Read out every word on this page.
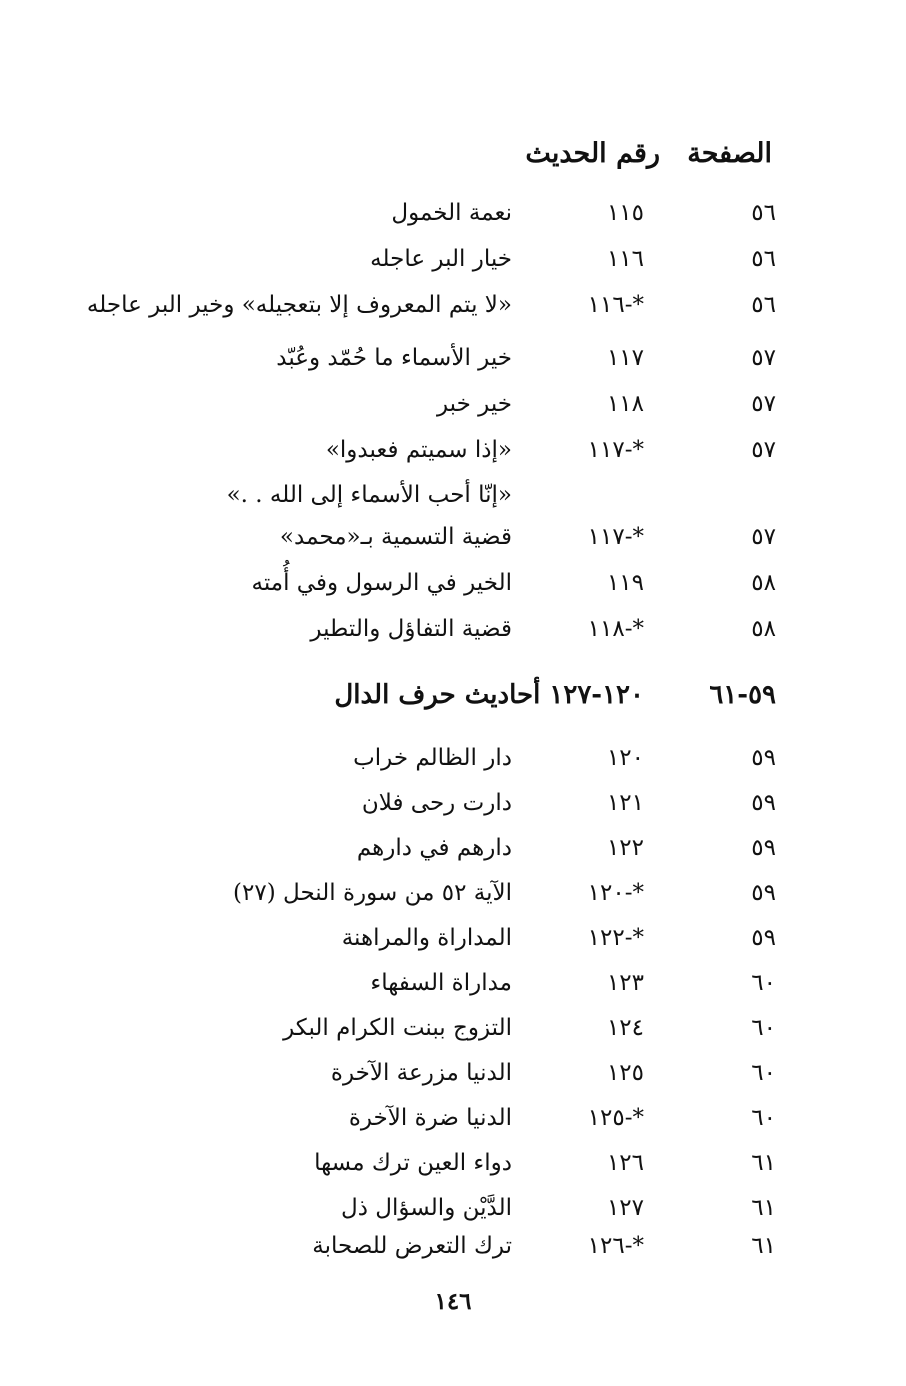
الصفحة
رقم الحديث
٥٦
١١٥
نعمة الخمول
٥٦
١١٦
خيار البر عاجله
٥٦
*-١١٦
«لا يتم المعروف إلا بتعجيله» وخير البر عاجله
٥٧
١١٧
خير الأسماء ما حُمّد وعُبّد
٥٧
١١٨
خير خبر
٥٧
*-١١٧
«إذا سميتم فعبدوا»
«إنّا أحب الأسماء إلى الله . .»
٥٧
*-١١٧
قضية التسمية بـ«محمد»
٥٨
١١٩
الخير في الرسول وفي أُمته
٥٨
*-١١٨
قضية التفاؤل والتطير
٥٩-٦١
١٢٠-١٢٧ أحاديث حرف الدال
٥٩
١٢٠
دار الظالم خراب
٥٩
١٢١
دارت رحى فلان
٥٩
١٢٢
دارهم في دارهم
٥٩
*-١٢٠
الآية ٥٢ من سورة النحل (٢٧)
٥٩
*-١٢٢
المداراة والمراهنة
٦٠
١٢٣
مداراة السفهاء
٦٠
١٢٤
التزوج ببنت الكرام البكر
٦٠
١٢٥
الدنيا مزرعة الآخرة
٦٠
*-١٢٥
الدنيا ضرة الآخرة
٦١
١٢٦
دواء العين ترك مسها
٦١
١٢٧
الدَّيْن والسؤال ذل
٦١
*-١٢٦
ترك التعرض للصحابة
١٤٦
